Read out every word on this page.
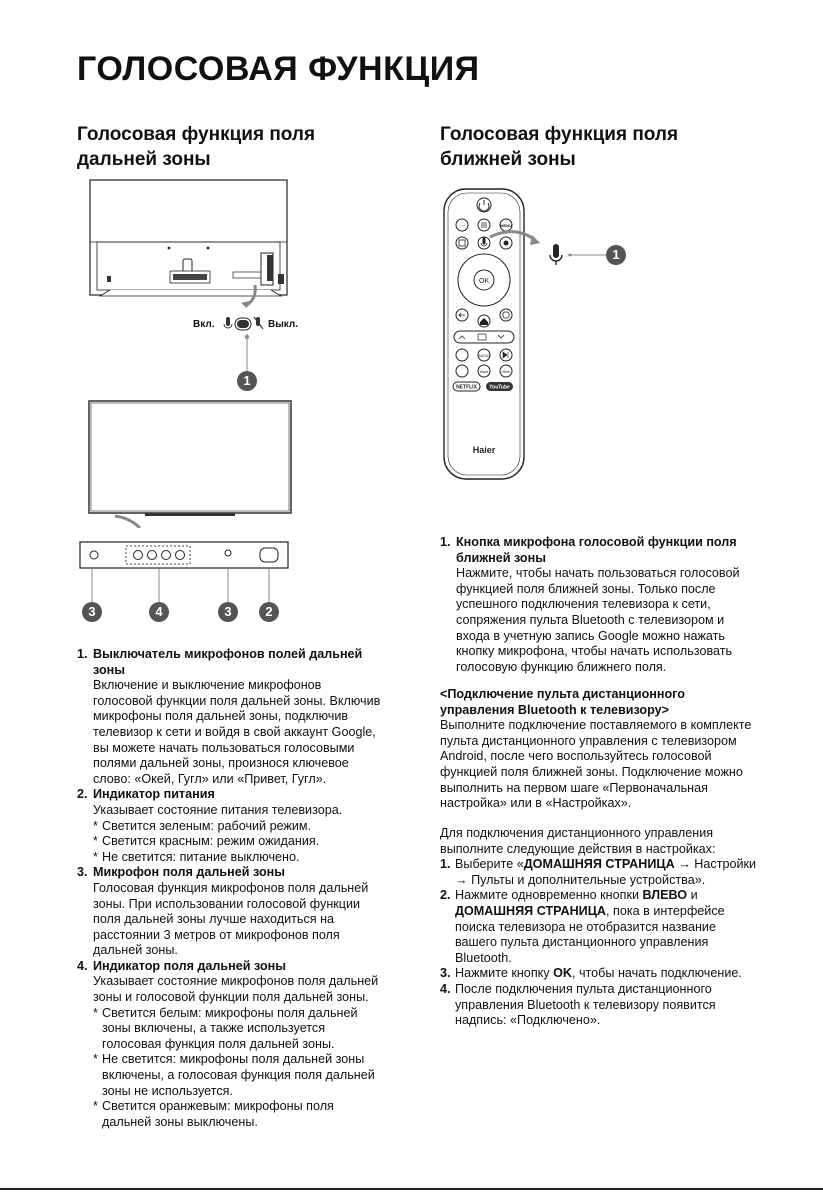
ГОЛОСОВАЯ ФУНКЦИЯ
Голосовая функция поля
дальней зоны
Вкл.	Выкл.
1
3	4	3	2
1. Выключатель микрофонов полей дальней
зоны
Включение и выключение микрофонов
голосовой функции поля дальней зоны. Включив
микрофоны поля дальней зоны, подключив
телевизор к сети и войдя в свой аккаунт Google,
вы можете начать пользоваться голосовыми
полями дальней зоны, произнося ключевое
слово: «Окей, Гугл» или «Привет, Гугл».
2. Индикатор питания
Указывает состояние питания телевизора.
* Светится зеленым: рабочий режим.
* Светится красным: режим ожидания.
* Не светится: питание выключено.
3. Микрофон поля дальней зоны
Голосовая функция микрофонов поля дальней
зоны. При использовании голосовой функции
поля дальней зоны лучше находиться на
расстоянии 3 метров от микрофонов поля
дальней зоны.
4. Индикатор поля дальней зоны
Указывает состояние микрофонов поля дальней
зоны и голосовой функции поля дальней зоны.
* Светится белым: микрофоны поля дальней
зоны включены, а также используется
голосовая функция поля дальней зоны.
* Не светится: микрофоны поля дальней зоны
включены, а голосовая функция поля дальней
зоны не используется.
* Светится оранжевым: микрофоны поля
дальней зоны выключены.
Голосовая функция поля
ближней зоны
····	MENU
OK
AUDIO
Wave	Other
NETFLIX YouTube
Haier
1
1. Кнопка микрофона голосовой функции поля
ближней зоны
Нажмите, чтобы начать пользоваться голосовой
функцией поля ближней зоны. Только после
успешного подключения телевизора к сети,
сопряжения пульта Bluetooth с телевизором и
входа в учетную запись Google можно нажать
кнопку микрофона, чтобы начать использовать
голосовую функцию ближнего поля.
<Подключение пульта дистанционного
управления Bluetooth к телевизору>
Выполните подключение поставляемого в комплекте
пульта дистанционного управления с телевизором
Android, после чего воспользуйтесь голосовой
функцией поля ближней зоны. Подключение можно
выполнить на первом шаге «Первоначальная
настройка» или в «Настройках».
Для подключения дистанционного управления
выполните следующие действия в настройках:
1. Выберите «ДОМАШНЯЯ СТРАНИЦА → Настройки
→ Пульты и дополнительные устройства».
2. Нажмите одновременно кнопки ВЛЕВО и
ДОМАШНЯЯ СТРАНИЦА, пока в интерфейсе
поиска телевизора не отобразится название
вашего пульта дистанционного управления
Bluetooth.
3. Нажмите кнопку OK, чтобы начать подключение.
4. После подключения пульта дистанционного
управления Bluetooth к телевизору появится
надпись: «Подключено».
